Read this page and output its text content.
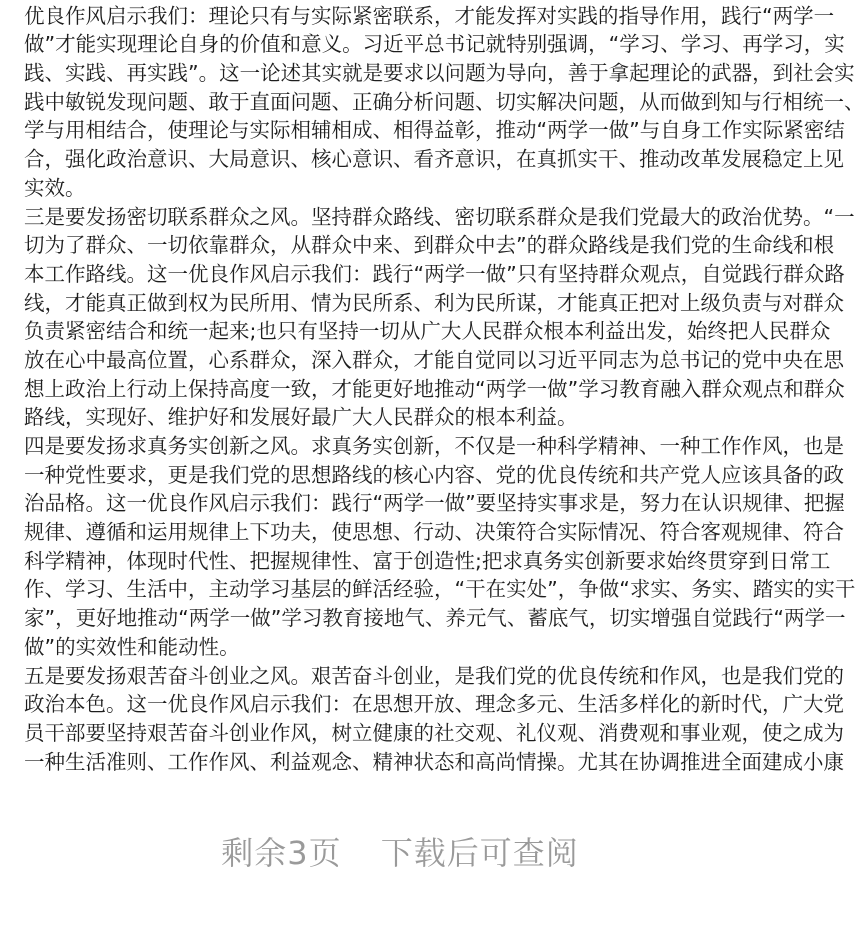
优良作风启示我们：理论只有与实际紧密联系，才能发挥对实践的指导作用，践行“两学一
做”才能实现理论自身的价值和意义。习近平总书记就特别强调，“学习、学习、再学习，实
践、实践、再实践”。这一论述其实就是要求以问题为导向，善于拿起理论的武器，到社会实
践中敏锐发现问题、敢于直面问题、正确分析问题、切实解决问题，从而做到知与行相统一、
学与用相结合，使理论与实际相辅相成、相得益彰，推动“两学一做”与自身工作实际紧密结
合，强化政治意识、大局意识、核心意识、看齐意识，在真抓实干、推动改革发展稳定上见
实效。
三是要发扬密切联系群众之风。坚持群众路线、密切联系群众是我们党最大的政治优势。“一
切为了群众、一切依靠群众，从群众中来、到群众中去”的群众路线是我们党的生命线和根
本工作路线。这一优良作风启示我们：践行“两学一做”只有坚持群众观点，自觉践行群众路
线，才能真正做到权为民所用、情为民所系、利为民所谋，才能真正把对上级负责与对群众
负责紧密结合和统一起来;也只有坚持一切从广大人民群众根本利益出发，始终把人民群众
放在心中最高位置，心系群众，深入群众，才能自觉同以习近平同志为总书记的党中央在思
想上政治上行动上保持高度一致，才能更好地推动“两学一做”学习教育融入群众观点和群众
路线，实现好、维护好和发展好最广大人民群众的根本利益。
四是要发扬求真务实创新之风。求真务实创新，不仅是一种科学精神、一种工作作风，也是
一种党性要求，更是我们党的思想路线的核心内容、党的优良传统和共产党人应该具备的政
治品格。这一优良作风启示我们：践行“两学一做”要坚持实事求是，努力在认识规律、把握
规律、遵循和运用规律上下功夫，使思想、行动、决策符合实际情况、符合客观规律、符合
科学精神，体现时代性、把握规律性、富于创造性;把求真务实创新要求始终贯穿到日常工
作、学习、生活中，主动学习基层的鲜活经验，“干在实处”，争做“求实、务实、踏实的实干
家”，更好地推动“两学一做”学习教育接地气、养元气、蓄底气，切实增强自觉践行“两学一
做”的实效性和能动性。
五是要发扬艰苦奋斗创业之风。艰苦奋斗创业，是我们党的优良传统和作风，也是我们党的
政治本色。这一优良作风启示我们：在思想开放、理念多元、生活多样化的新时代，广大党
员干部要坚持艰苦奋斗创业作风，树立健康的社交观、礼仪观、消费观和事业观，使之成为
一种生活准则、工作作风、利益观念、精神状态和高尚情操。尤其在协调推进全面建成小康
剩余3页 下载后可查阅
